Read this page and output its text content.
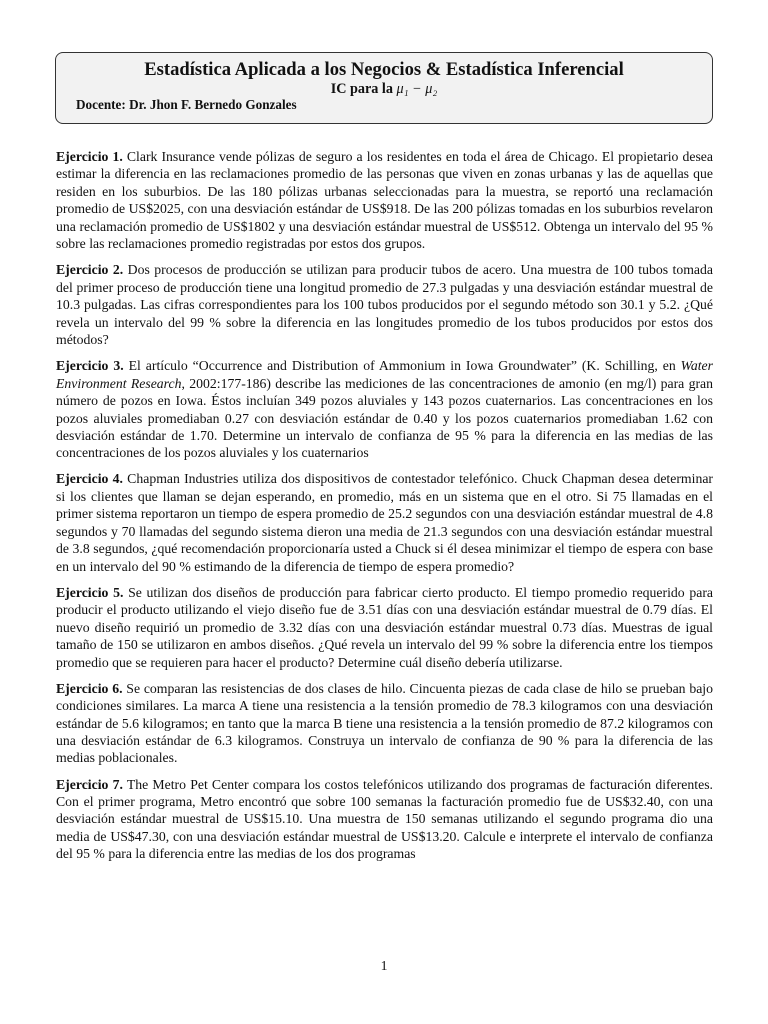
Estadística Aplicada a los Negocios & Estadística Inferencial
IC para la μ₁ − μ₂
Docente: Dr. Jhon F. Bernedo Gonzales

Ejercicio 1. Clark Insurance vende pólizas de seguro a los residentes en toda el área de Chicago. El propietario desea estimar la diferencia en las reclamaciones promedio de las personas que viven en zonas urbanas y las de aquellas que residen en los suburbios. De las 180 pólizas urbanas seleccionadas para la muestra, se reportó una reclamación promedio de US$2025, con una desviación estándar de US$918. De las 200 pólizas tomadas en los suburbios revelaron una reclamación promedio de US$1802 y una desviación estándar muestral de US$512. Obtenga un intervalo del 95 % sobre las reclamaciones promedio registradas por estos dos grupos.

Ejercicio 2. Dos procesos de producción se utilizan para producir tubos de acero. Una muestra de 100 tubos tomada del primer proceso de producción tiene una longitud promedio de 27.3 pulgadas y una desviación estándar muestral de 10.3 pulgadas. Las cifras correspondientes para los 100 tubos producidos por el segundo método son 30.1 y 5.2. ¿Qué revela un intervalo del 99 % sobre la diferencia en las longitudes promedio de los tubos producidos por estos dos métodos?

Ejercicio 3. El artículo “Occurrence and Distribution of Ammonium in Iowa Groundwater” (K. Schilling, en Water Environment Research, 2002:177-186) describe las mediciones de las concentraciones de amonio (en mg/l) para gran número de pozos en Iowa. Éstos incluían 349 pozos aluviales y 143 pozos cuaternarios. Las concentraciones en los pozos aluviales promediaban 0.27 con desviación estándar de 0.40 y los pozos cuaternarios promediaban 1.62 con desviación estándar de 1.70. Determine un intervalo de confianza de 95 % para la diferencia en las medias de las concentraciones de los pozos aluviales y los cuaternarios

Ejercicio 4. Chapman Industries utiliza dos dispositivos de contestador telefónico. Chuck Chapman desea determinar si los clientes que llaman se dejan esperando, en promedio, más en un sistema que en el otro. Si 75 llamadas en el primer sistema reportaron un tiempo de espera promedio de 25.2 segundos con una desviación estándar muestral de 4.8 segundos y 70 llamadas del segundo sistema dieron una media de 21.3 segundos con una desviación estándar muestral de 3.8 segundos, ¿qué recomendación proporcionaría usted a Chuck si él desea minimizar el tiempo de espera con base en un intervalo del 90 % estimando de la diferencia de tiempo de espera promedio?

Ejercicio 5. Se utilizan dos diseños de producción para fabricar cierto producto. El tiempo promedio requerido para producir el producto utilizando el viejo diseño fue de 3.51 días con una desviación estándar muestral de 0.79 días. El nuevo diseño requirió un promedio de 3.32 días con una desviación estándar muestral 0.73 días. Muestras de igual tamaño de 150 se utilizaron en ambos diseños. ¿Qué revela un intervalo del 99 % sobre la diferencia entre los tiempos promedio que se requieren para hacer el producto? Determine cuál diseño debería utilizarse.

Ejercicio 6. Se comparan las resistencias de dos clases de hilo. Cincuenta piezas de cada clase de hilo se prueban bajo condiciones similares. La marca A tiene una resistencia a la tensión promedio de 78.3 kilogramos con una desviación estándar de 5.6 kilogramos; en tanto que la marca B tiene una resistencia a la tensión promedio de 87.2 kilogramos con una desviación estándar de 6.3 kilogramos. Construya un intervalo de confianza de 90 % para la diferencia de las medias poblacionales.

Ejercicio 7. The Metro Pet Center compara los costos telefónicos utilizando dos programas de facturación diferentes. Con el primer programa, Metro encontró que sobre 100 semanas la facturación promedio fue de US$32.40, con una desviación estándar muestral de US$15.10. Una muestra de 150 semanas utilizando el segundo programa dio una media de US$47.30, con una desviación estándar muestral de US$13.20. Calcule e interprete el intervalo de confianza del 95 % para la diferencia entre las medias de los dos programas

1
